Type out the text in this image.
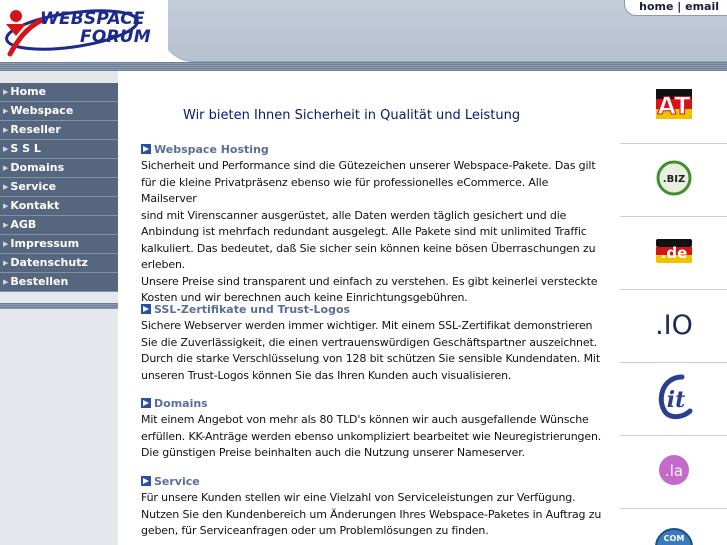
WEBSPACE
FORUM
home | email
▶ Home
▶ Webspace
▶ Reseller
▶ S S L
▶ Domains
▶ Service
▶ Kontakt
▶ AGB
▶ Impressum
▶ Datenschutz
▶ Bestellen
Wir bieten Ihnen Sicherheit in Qualität und Leistung
Webspace Hosting
Sicherheit und Performance sind die Gütezeichen unserer Webspace-Pakete. Das gilt
für die kleine Privatpräsenz ebenso wie für professionelles eCommerce. Alle Mailserver
sind mit Virenscanner ausgerüstet, alle Daten werden täglich gesichert und die
Anbindung ist mehrfach redundant ausgelegt. Alle Pakete sind mit unlimited Traffic
kalkuliert. Das bedeutet, daß Sie sicher sein können keine bösen Überraschungen zu
erleben.
Unsere Preise sind transparent und einfach zu verstehen. Es gibt keinerlei versteckte
Kosten und wir berechnen auch keine Einrichtungsgebühren.
SSL-Zertifikate und Trust-Logos
Sichere Webserver werden immer wichtiger. Mit einem SSL-Zertifikat demonstrieren
Sie die Zuverlässigkeit, die einen vertrauenswürdigen Geschäftspartner auszeichnet.
Durch die starke Verschlüsselung von 128 bit schützen Sie sensible Kundendaten. Mit
unseren Trust-Logos können Sie das Ihren Kunden auch visualisieren.
Domains
Mit einem Angebot von mehr als 80 TLD's können wir auch ausgefallende Wünsche
erfüllen. KK-Anträge werden ebenso unkompliziert bearbeitet wie Neuregistrierungen.
Die günstigen Preise beinhalten auch die Nutzung unserer Nameserver.
Service
Für unsere Kunden stellen wir eine Vielzahl von Serviceleistungen zur Verfügung.
Nutzen Sie den Kundenbereich um Änderungen Ihres Webspace-Paketes in Auftrag zu
geben, für Serviceanfragen oder um Problemlösungen zu finden.
AT
.BIZ
.de
.IO
it
.la
COM
